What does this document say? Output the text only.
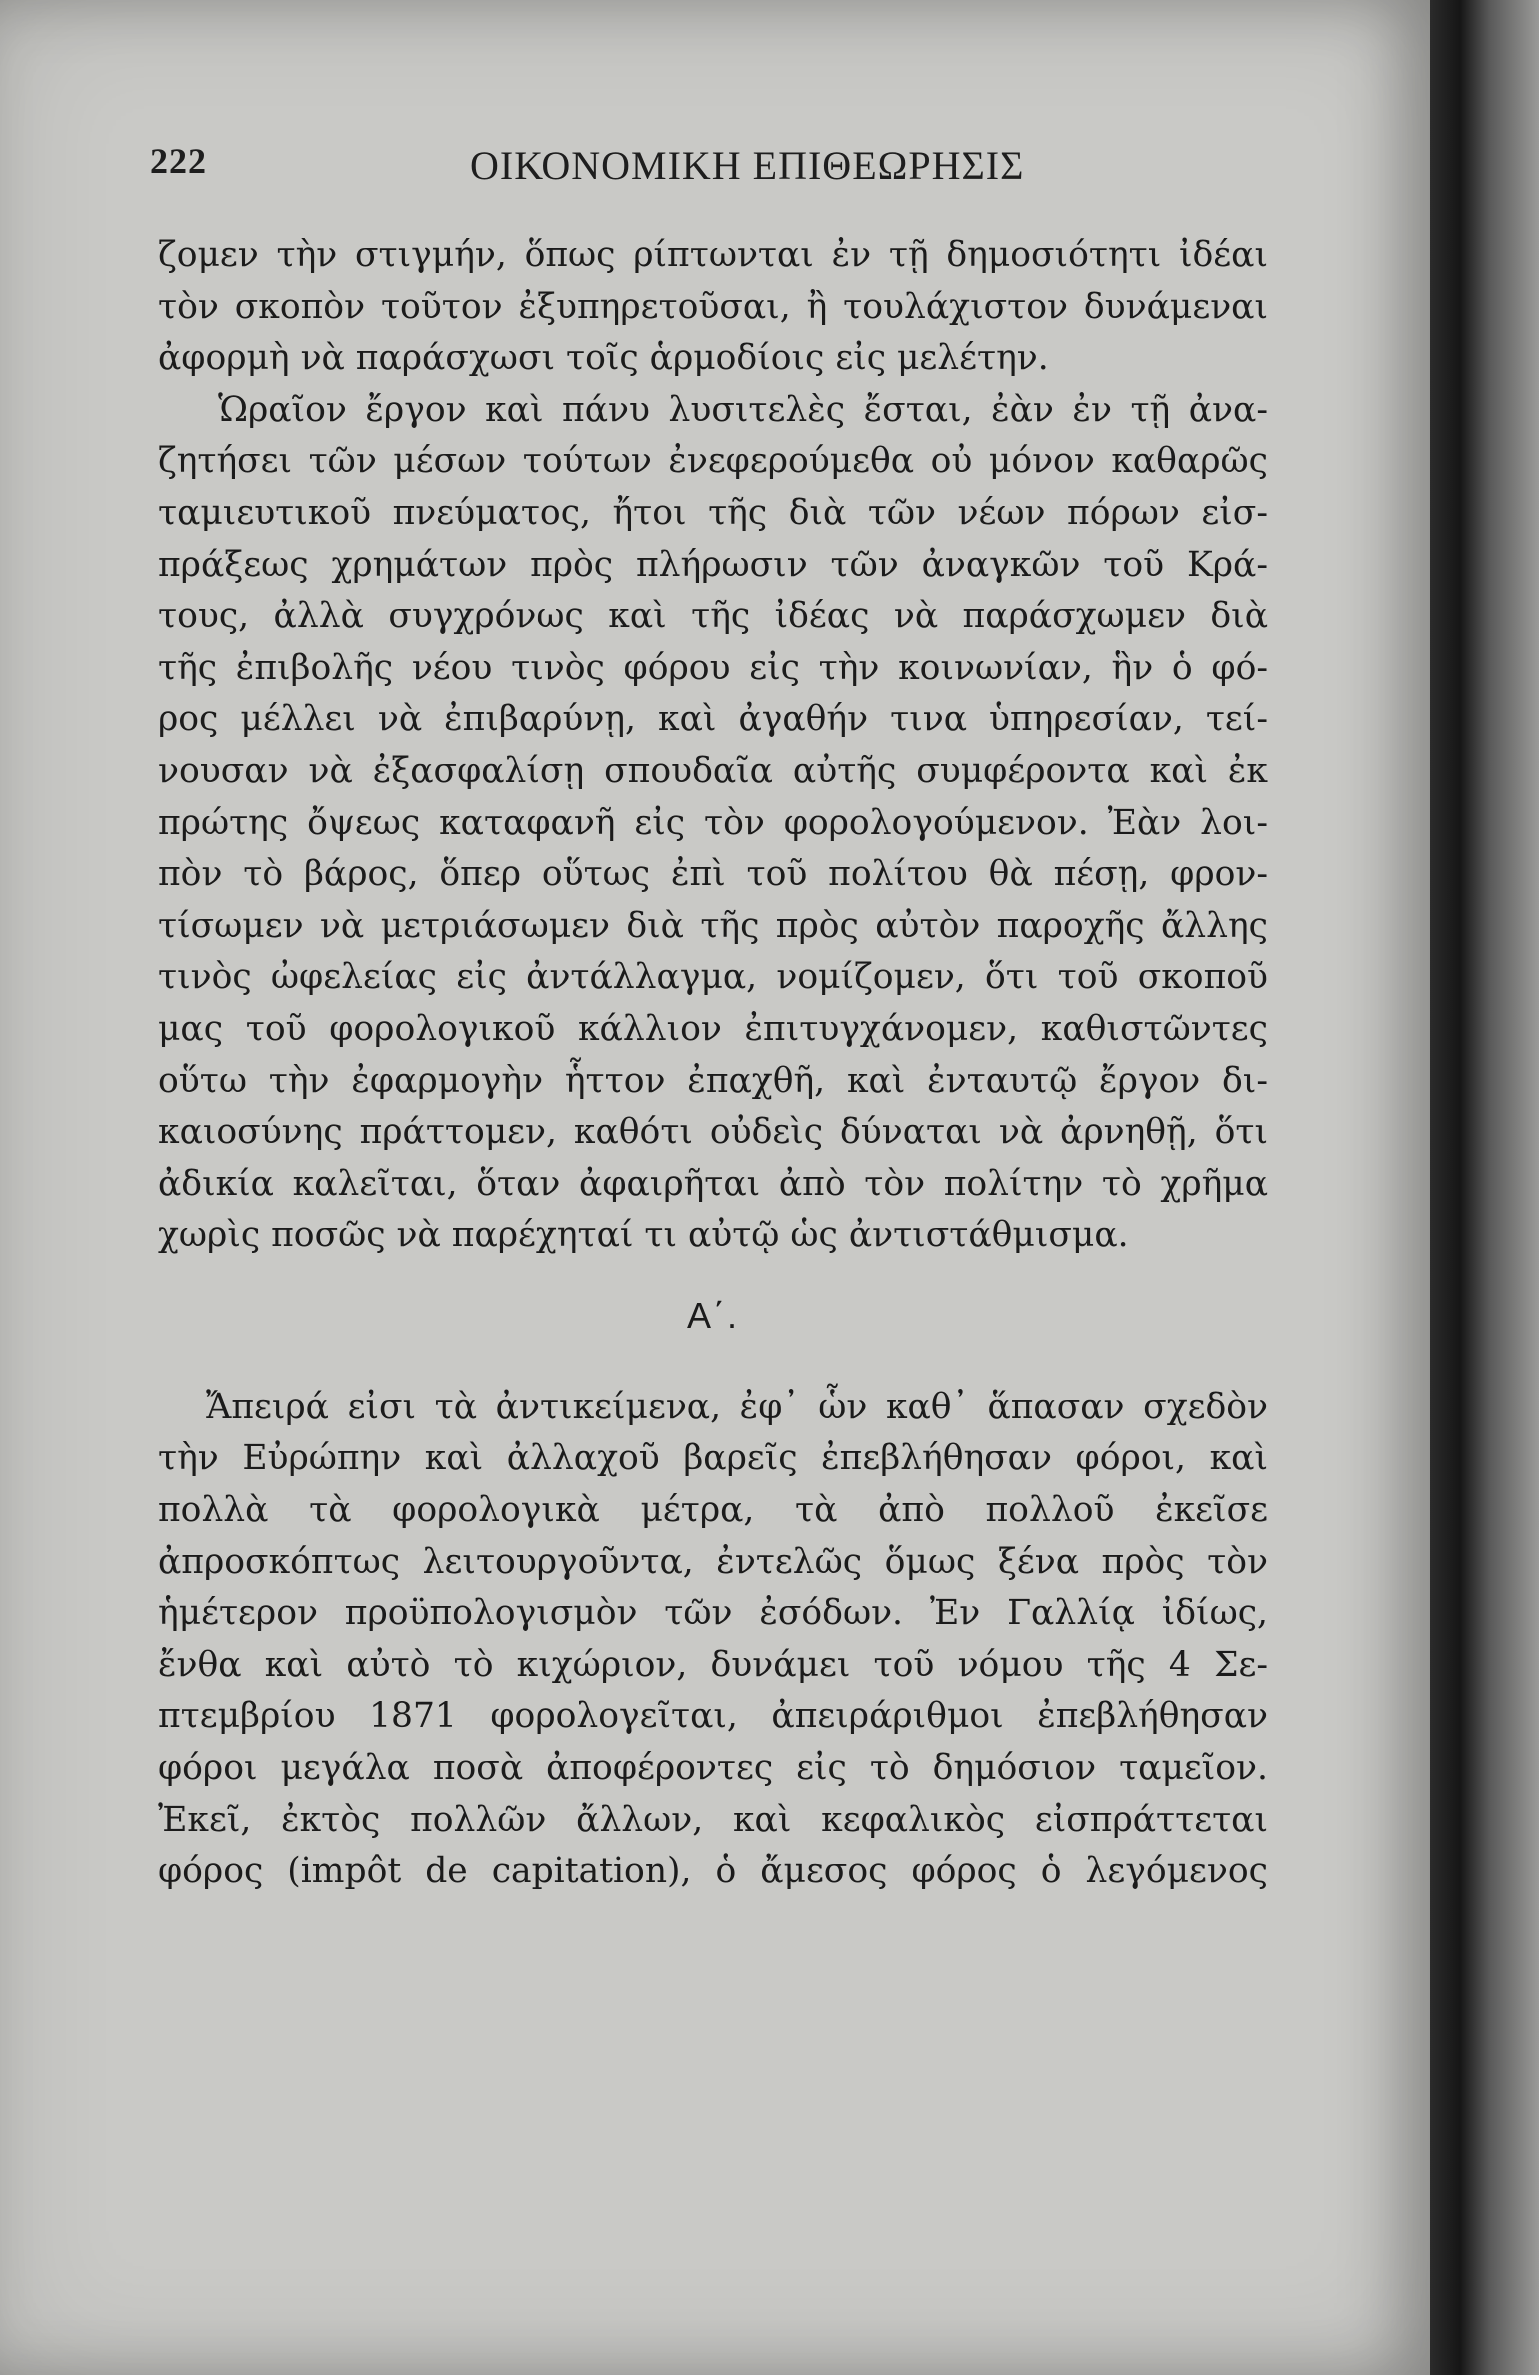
222	ΟΙΚΟΝΟΜΙΚΗ ΕΠΙΘΕΩΡΗΣΙΣ
ζομεν τὴν στιγμήν, ὅπως ρίπτωνται ἐν τῇ δημοσιότητι ἰδέαι
τὸν σκοπὸν τοῦτον ἐξυπηρετοῦσαι, ἢ τουλάχιστον δυνάμεναι
ἀφορμὴ νὰ παράσχωσι τοῖς ἁρμοδίοις εἰς μελέτην.
Ὡραῖον ἔργον καὶ πάνυ λυσιτελὲς ἔσται, ἐὰν ἐν τῇ ἀνα-
ζητήσει τῶν μέσων τούτων ἐνεφερούμεθα οὐ μόνον καθαρῶς
ταμιευτικοῦ πνεύματος, ἤτοι τῆς διὰ τῶν νέων πόρων εἰσ-
πράξεως χρημάτων πρὸς πλήρωσιν τῶν ἀναγκῶν τοῦ Κρά-
τους, ἀλλὰ συγχρόνως καὶ τῆς ἰδέας νὰ παράσχωμεν διὰ
τῆς ἐπιβολῆς νέου τινὸς φόρου εἰς τὴν κοινωνίαν, ἣν ὁ φό-
ρος μέλλει νὰ ἐπιβαρύνῃ, καὶ ἀγαθήν τινα ὑπηρεσίαν, τεί-
νουσαν νὰ ἐξασφαλίσῃ σπουδαῖα αὐτῆς συμφέροντα καὶ ἐκ
πρώτης ὄψεως καταφανῆ εἰς τὸν φορολογούμενον. Ἐὰν λοι-
πὸν τὸ βάρος, ὅπερ οὕτως ἐπὶ τοῦ πολίτου θὰ πέσῃ, φρον-
τίσωμεν νὰ μετριάσωμεν διὰ τῆς πρὸς αὐτὸν παροχῆς ἄλλης
τινὸς ὠφελείας εἰς ἀντάλλαγμα, νομίζομεν, ὅτι τοῦ σκοποῦ
μας τοῦ φορολογικοῦ κάλλιον ἐπιτυγχάνομεν, καθιστῶντες
οὕτω τὴν ἐφαρμογὴν ἧττον ἐπαχθῆ, καὶ ἐνταυτῷ ἔργον δι-
καιοσύνης πράττομεν, καθότι οὐδεὶς δύναται νὰ ἀρνηθῇ, ὅτι
ἀδικία καλεῖται, ὅταν ἀφαιρῆται ἀπὸ τὸν πολίτην τὸ χρῆμα
χωρὶς ποσῶς νὰ παρέχηταί τι αὐτῷ ὡς ἀντιστάθμισμα.
Α΄.
Ἄπειρά εἰσι τὰ ἀντικείμενα, ἐφ᾽ ὧν καθ᾽ ἅπασαν σχεδὸν
τὴν Εὐρώπην καὶ ἀλλαχοῦ βαρεῖς ἐπεβλήθησαν φόροι, καὶ
πολλὰ τὰ φορολογικὰ μέτρα, τὰ ἀπὸ πολλοῦ ἐκεῖσε
ἀπροσκόπτως λειτουργοῦντα, ἐντελῶς ὅμως ξένα πρὸς τὸν
ἡμέτερον προϋπολογισμὸν τῶν ἐσόδων. Ἐν Γαλλίᾳ ἰδίως,
ἔνθα καὶ αὐτὸ τὸ κιχώριον, δυνάμει τοῦ νόμου τῆς 4 Σε-
πτεμβρίου 1871 φορολογεῖται, ἀπειράριθμοι ἐπεβλήθησαν
φόροι μεγάλα ποσὰ ἀποφέροντες εἰς τὸ δημόσιον ταμεῖον.
Ἐκεῖ, ἐκτὸς πολλῶν ἄλλων, καὶ κεφαλικὸς εἰσπράττεται
φόρος (impôt de capitation), ὁ ἄμεσος φόρος ὁ λεγόμενος
